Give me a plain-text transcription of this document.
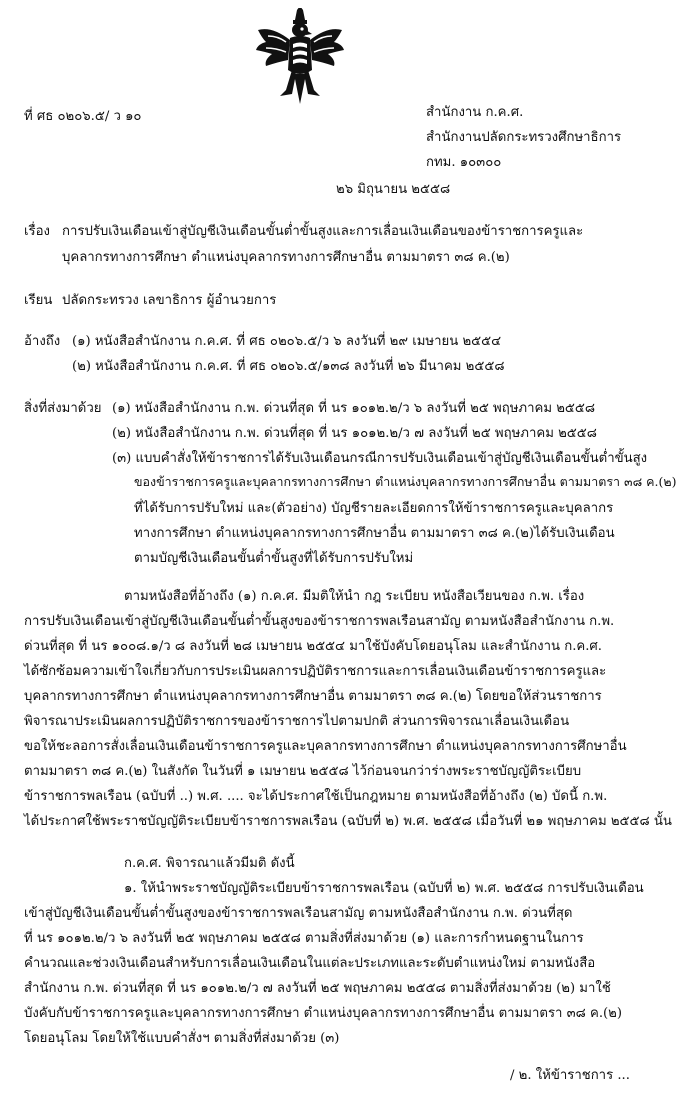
ที่ ศธ ๐๒๐๖.๕/ ว ๑๐	สำนักงาน ก.ค.ศ.
สำนักงานปลัดกระทรวงศึกษาธิการ
กทม. ๑๐๓๐๐
๒๖ มิถุนายน ๒๕๕๘
เรื่อง การปรับเงินเดือนเข้าสู่บัญชีเงินเดือนขั้นต่ำขั้นสูงและการเลื่อนเงินเดือนของข้าราชการครูและ
บุคลากรทางการศึกษา ตำแหน่งบุคลากรทางการศึกษาอื่น ตามมาตรา ๓๘ ค.(๒)
เรียน ปลัดกระทรวง เลขาธิการ ผู้อำนวยการ
อ้างถึง (๑) หนังสือสำนักงาน ก.ค.ศ. ที่ ศธ ๐๒๐๖.๕/ว ๖ ลงวันที่ ๒๙ เมษายน ๒๕๕๔
(๒) หนังสือสำนักงาน ก.ค.ศ. ที่ ศธ ๐๒๐๖.๕/๑๓๘ ลงวันที่ ๒๖ มีนาคม ๒๕๕๘
สิ่งที่ส่งมาด้วย (๑) หนังสือสำนักงาน ก.พ. ด่วนที่สุด ที่ นร ๑๐๑๒.๒/ว ๖ ลงวันที่ ๒๕ พฤษภาคม ๒๕๕๘
(๒) หนังสือสำนักงาน ก.พ. ด่วนที่สุด ที่ นร ๑๐๑๒.๒/ว ๗ ลงวันที่ ๒๕ พฤษภาคม ๒๕๕๘
(๓) แบบคำสั่งให้ข้าราชการได้รับเงินเดือนกรณีการปรับเงินเดือนเข้าสู่บัญชีเงินเดือนขั้นต่ำขั้นสูง
ของข้าราชการครูและบุคลากรทางการศึกษา ตำแหน่งบุคลากรทางการศึกษาอื่น ตามมาตรา ๓๘ ค.(๒)
ที่ได้รับการปรับใหม่ และ(ตัวอย่าง) บัญชีรายละเอียดการให้ข้าราชการครูและบุคลากร
ทางการศึกษา ตำแหน่งบุคลากรทางการศึกษาอื่น ตามมาตรา ๓๘ ค.(๒)ได้รับเงินเดือน
ตามบัญชีเงินเดือนขั้นต่ำขั้นสูงที่ได้รับการปรับใหม่
ตามหนังสือที่อ้างถึง (๑) ก.ค.ศ. มีมติให้นำ กฎ ระเบียบ หนังสือเวียนของ ก.พ. เรื่อง
การปรับเงินเดือนเข้าสู่บัญชีเงินเดือนขั้นต่ำขั้นสูงของข้าราชการพลเรือนสามัญ ตามหนังสือสำนักงาน ก.พ.
ด่วนที่สุด ที่ นร ๑๐๐๘.๑/ว ๘ ลงวันที่ ๒๘ เมษายน ๒๕๕๔ มาใช้บังคับโดยอนุโลม และสำนักงาน ก.ค.ศ.
ได้ซักซ้อมความเข้าใจเกี่ยวกับการประเมินผลการปฏิบัติราชการและการเลื่อนเงินเดือนข้าราชการครูและ
บุคลากรทางการศึกษา ตำแหน่งบุคลากรทางการศึกษาอื่น ตามมาตรา ๓๘ ค.(๒) โดยขอให้ส่วนราชการ
พิจารณาประเมินผลการปฏิบัติราชการของข้าราชการไปตามปกติ ส่วนการพิจารณาเลื่อนเงินเดือน
ขอให้ชะลอการสั่งเลื่อนเงินเดือนข้าราชการครูและบุคลากรทางการศึกษา ตำแหน่งบุคลากรทางการศึกษาอื่น
ตามมาตรา ๓๘ ค.(๒) ในสังกัด ในวันที่ ๑ เมษายน ๒๕๕๘ ไว้ก่อนจนกว่าร่างพระราชบัญญัติระเบียบ
ข้าราชการพลเรือน (ฉบับที่ ..) พ.ศ. .... จะได้ประกาศใช้เป็นกฎหมาย ตามหนังสือที่อ้างถึง (๒) บัดนี้ ก.พ.
ได้ประกาศใช้พระราชบัญญัติระเบียบข้าราชการพลเรือน (ฉบับที่ ๒) พ.ศ. ๒๕๕๘ เมื่อวันที่ ๒๑ พฤษภาคม ๒๕๕๘ นั้น
ก.ค.ศ. พิจารณาแล้วมีมติ ดังนี้
๑. ให้นำพระราชบัญญัติระเบียบข้าราชการพลเรือน (ฉบับที่ ๒) พ.ศ. ๒๕๕๘ การปรับเงินเดือน
เข้าสู่บัญชีเงินเดือนขั้นต่ำขั้นสูงของข้าราชการพลเรือนสามัญ ตามหนังสือสำนักงาน ก.พ. ด่วนที่สุด
ที่ นร ๑๐๑๒.๒/ว ๖ ลงวันที่ ๒๕ พฤษภาคม ๒๕๕๘ ตามสิ่งที่ส่งมาด้วย (๑) และการกำหนดฐานในการ
คำนวณและช่วงเงินเดือนสำหรับการเลื่อนเงินเดือนในแต่ละประเภทและระดับตำแหน่งใหม่ ตามหนังสือ
สำนักงาน ก.พ. ด่วนที่สุด ที่ นร ๑๐๑๒.๒/ว ๗ ลงวันที่ ๒๕ พฤษภาคม ๒๕๕๘ ตามสิ่งที่ส่งมาด้วย (๒) มาใช้
บังคับกับข้าราชการครูและบุคลากรทางการศึกษา ตำแหน่งบุคลากรทางการศึกษาอื่น ตามมาตรา ๓๘ ค.(๒)
โดยอนุโลม โดยให้ใช้แบบคำสั่งฯ ตามสิ่งที่ส่งมาด้วย (๓)
/ ๒. ให้ข้าราชการ ...
